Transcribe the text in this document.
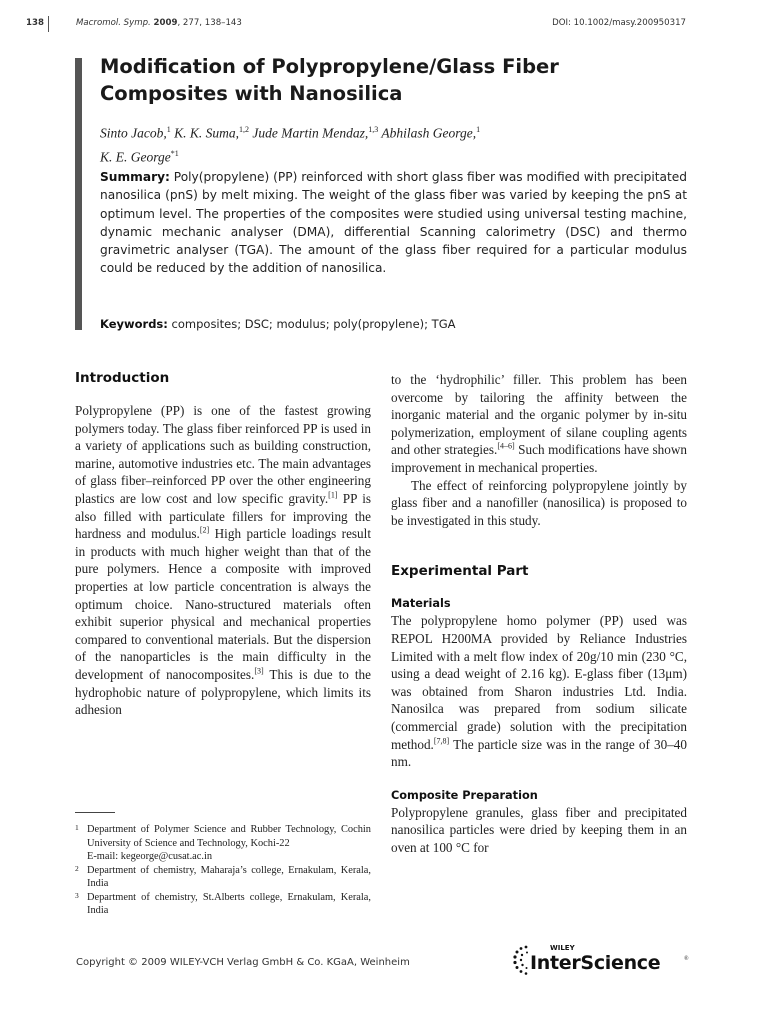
138	Macromol. Symp. 2009, 277, 138–143	DOI: 10.1002/masy.200950317
Modification of Polypropylene/Glass Fiber Composites with Nanosilica

Sinto Jacob,$^1$ K. K. Suma,$^{1,2}$ Jude Martin Mendaz,$^{1,3}$ Abhilash George,$^1$
K. E. George$^{*1}$

Summary: Poly(propylene) (PP) reinforced with short glass fiber was modified with precipitated nanosilica (pnS) by melt mixing. The weight of the glass fiber was varied by keeping the pnS at optimum level. The properties of the composites were studied using universal testing machine, dynamic mechanic analyser (DMA), differential Scanning calorimetry (DSC) and thermo gravimetric analyser (TGA). The amount of the glass fiber required for a particular modulus could be reduced by the addition of nanosilica.

Keywords: composites; DSC; modulus; poly(propylene); TGA

Introduction

Polypropylene (PP) is one of the fastest growing polymers today. The glass fiber reinforced PP is used in a variety of applications such as building construction, marine, automotive industries etc. The main advantages of glass fiber–reinforced PP over the other engineering plastics are low cost and low specific gravity.[1] PP is also filled with particulate fillers for improving the hardness and modulus.[2] High particle loadings result in products with much higher weight than that of the pure polymers. Hence a composite with improved properties at low particle concentration is always the optimum choice. Nano-structured materials often exhibit superior physical and mechanical properties compared to conventional materials. But the dispersion of the nanoparticles is the main difficulty in the development of nanocomposites.[3] This is due to the hydrophobic nature of polypropylene, which limits its adhesion

1 Department of Polymer Science and Rubber Technology, Cochin University of Science and Technology, Kochi-22

E-mail: kegeorge@cusat.ac.in

2 Department of chemistry, Maharaja’s college, Ernakulam, Kerala, India

3 Department of chemistry, St.Alberts college, Ernakulam, Kerala, India

to the ‘hydrophilic’ filler. This problem has been overcome by tailoring the affinity between the inorganic material and the organic polymer by in-situ polymerization, employment of silane coupling agents and other strategies.[4–6] Such modifications have shown improvement in mechanical properties.

The effect of reinforcing polypropylene jointly by glass fiber and a nanofiller (nanosilica) is proposed to be investigated in this study.

Experimental Part
Materials

The polypropylene homo polymer (PP) used was REPOL H200MA provided by Reliance Industries Limited with a melt flow index of 20g/10 min (230 °C, using a dead weight of 2.16 kg). E-glass fiber (13μm) was obtained from Sharon industries Ltd. India. Nanosilca was prepared from sodium silicate (commercial grade) solution with the precipitation method.[7,8] The particle size was in the range of 30–40 nm.

Composite Preparation

Polypropylene granules, glass fiber and precipitated nanosilica particles were dried by keeping them in an oven at 100 °C for

Copyright © 2009 WILEY-VCH Verlag GmbH & Co. KGaA, Weinheim
WILEY
InterScience	®
